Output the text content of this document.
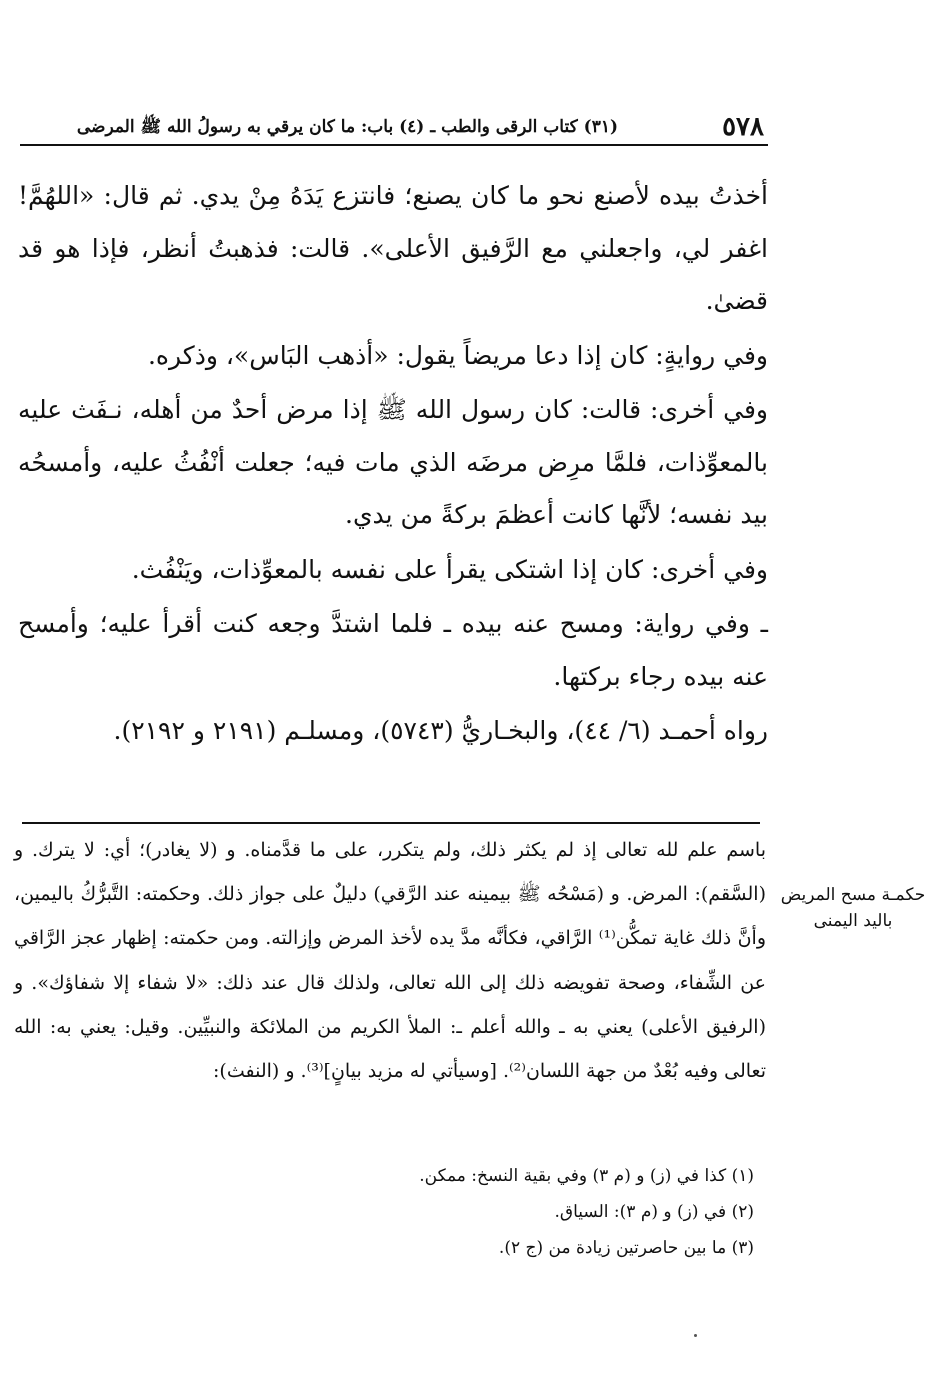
٥٧٨
(٣١) كتاب الرقى والطب ـ (٤) باب: ما كان يرقي به رسولُ الله ﷺ المرضى

أخذتُ بيده لأصنع نحو ما كان يصنع؛ فانتزع يَدَهُ مِنْ يدي. ثم قال: «اللهُمَّ! اغفر لي، واجعلني مع الرَّفيق الأعلى». قالت: فذهبتُ أنظر، فإذا هو قد قضىٰ.

وفي روايةٍ: كان إذا دعا مريضاً يقول: «أذهب البَاس»، وذكره.

وفي أخرى: قالت: كان رسول الله ﷺ إذا مرض أحدٌ من أهله، نـفَث عليه بالمعوِّذات، فلمَّا مرِض مرضَه الذي مات فيه؛ جعلت أنْفُثُ عليه، وأمسحُه بيد نفسه؛ لأنَّها كانت أعظمَ بركةً من يدي.

وفي أخرى: كان إذا اشتكى يقرأ على نفسه بالمعوِّذات، ويَنْفُث.

ـ وفي رواية: ومسح عنه بيده ـ فلما اشتدَّ وجعه كنت أقرأ عليه؛ وأمسح عنه بيده رجاء بركتها.

رواه أحمـد (٦/ ٤٤)، والبخـاريُّ (٥٧٤٣)، ومسلـم (٢١٩١ و ٢١٩٢).

باسم علم لله تعالى إذ لم يكثر ذلك، ولم يتكرر، على ما قدَّمناه. و (لا يغادر)؛ أي: لا يترك. و (السَّقم): المرض. و (مَسْحُه ﷺ بيمينه عند الرَّقي) دليلٌ على جواز ذلك. وحكمته: التَّبرُّكُ باليمين، وأنَّ ذلك غاية تمكُّن⁽¹⁾ الرَّاقي، فكأنَّه مدَّ يده لأخذ المرض وإزالته. ومن حكمته: إظهار عجز الرَّاقي عن الشِّفاء، وصحة تفويضه ذلك إلى الله تعالى، ولذلك قال عند ذلك: «لا شفاء إلا شفاؤك». و (الرفيق الأعلى) يعني به ـ والله أعلم ـ: الملأ الكريم من الملائكة والنبيِّين. وقيل: يعني به: الله تعالى وفيه بُعْدٌ من جهة اللسان⁽²⁾. [وسيأتي له مزيد بيانٍ]⁽³⁾. و (النفث):

حكمـة مسح المريض باليد اليمنى
(١) كذا في (ز) و (م ٣) وفي بقية النسخ: ممكن.
(٢) في (ز) و (م ٣): السياق.
(٣) ما بين حاصرتين زيادة من (ج ٢).
